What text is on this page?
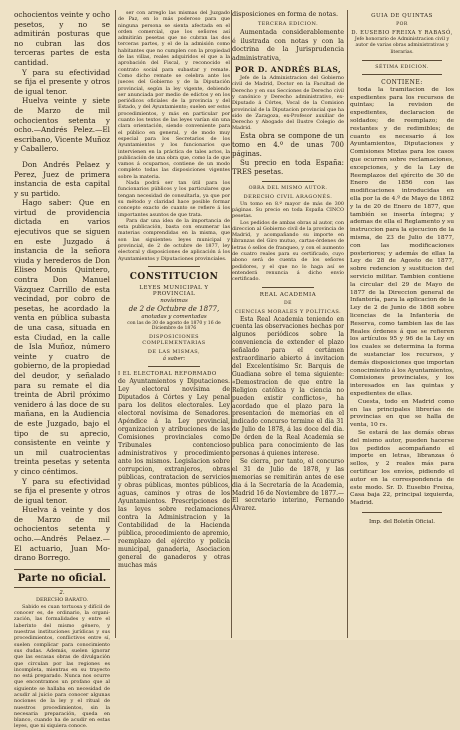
ochocientos veinte y ocho pesetos, y no se admitirán posturas que no cubran las dos terceras partes de esta cantidad.

Y para su efectividad se fija el presente y otros de igual tenor.

Huelva veinte y siete de Marzo de mil ochocientos setenta y ocho.—Andrés Pelez.—El escribano, Vicente Muñoz y Caballero.

Don Andrés Pelaez y Perez, Juez de primera instancia de esta capital y su partido.

Hago saber: Que en virtud de providencia dictada en varios ejecutivos que se siguen en este Juzgado á instancia de la señora viuda y herederos de Don Eliseo Monis Quintero, contra Don Manuel Vázquez Carrillo de esta vecindad, por cobro de pesetas, he acordado la venta en pública subasta de una casa, situada en esta Ciudad, en la calle de Isla Muñoz, número veinte y cuatro de gobierno, de la propiedad del deudor, y señalado para su remate el dia treinta de Abril próximo venidero á las doce de su mañana, en la Audiencia de este Juzgado, bajo el tipo de su aprecio, consistente en veinte y un mil cuatrocientas treinta pesetas y setenta y cinco céntimos.

Y para su efectividad se fija el presente y otros de igual tenor.

Huelva á veinte y dos de Marzo de mil ochocientos setenta y ocho.—Andrés Pelaez.—El actuario, Juan Modrano Borrego.

Parte no oficial.

2.

DERECHO BARATO.

Sabido es cuan tortuosa y difícil de conocer es, de ordinario, la organización, las formalidades y entre el laberinto del mismo género, y nuestras instituciones jurídicas y sus procedimientos, conflictivos entre sí, suelen complicar para conocimiento sus dudas. Además, suelen ignorar que las escasas obras de divulgación que circulan por las regiones es incompleta, mientras en su trayecto no está preparado. Nunca nos ocurre que encontramos un profano que al siguiente se hallaba en necesidad de acudir al juicio para conocer algunas nociones de la ley y el ritual de nuestros procedimientos, sin la necesaria preparación, queda en blanco, cuando ha de acudir en estas leyes, que ni siquiera conoce.

ser con arreglo las mismas del Juzgado de Paz, en lo más poderoso para que ninguna persona se sienta afectada en el orden comercial, que los señores así admitirán pesetas que no cubran las dos terceras partes, y el de la admisión como habitantes que no cumplen con la propiedad de las villas, reales adquiridos el que a la aprobación del Fiscal, y reconocido el contrato social para subastar y remate. Como dicho remate se celebra ante los jueces del Gobierno y de la Diputación provincial, según la ley vigente, debiendo ser anunciada por medio de edictos y en los periódicos oficiales de la provincia y del Estado, y del Ayuntamiento; suelen ser estos procedimientos, y más en particular por cuanto los textos de las leyes varían sin una clara orientación, siendo conveniente para el público en general, y de modo muy especial para los Secretarios de los Ayuntamientos y los funcionarios que intervienen en la práctica de tales actos, la publicación de una obra que, como la de que vamos á ocuparnos, contiene de un modo completo todas las disposiciones vigentes sobre la materia.

Nada podrá ser tan útil para los funcionarios públicos y los particulares que tengan necesidad de consultarla, ya que por su método y claridad hace posible formar concepto exacto de cuanto se refiere á los importantes asuntos de que trata.

Para dar una idea de la importancia de esta publicación, basta con enumerar las materias comprendidas en la misma, que son las siguientes: leyes municipal y provincial, de 2 de octubre de 1877, ley electoral y disposiciones de aplicación á los Ayuntamientos y Diputaciones provinciales.

CONSTITUCION

LEYES MUNICIPAL Y PROVINCIAL

novísimas

de 2 de Octubre de 1877,

anotadas y comentadas

con las de 30 de agosto de 1870 y 16 de Diciembre de 1876

DISPOSICIONES COMPLEMENTARIAS

DE LAS MISMAS,

á saber:

I EL ELECTORAL REFORMADO

de Ayuntamientos y Diputaciones. Ley electoral novísima de Diputados á Córtes y Ley penal para los delitos electorales. Ley electoral novísima de Senadores. Apéndice á la Ley provincial, organizacion y atribuciones de las Comisiones provinciales como Tribunales contencioso administrativos y procedimiento ante los mismos. Legislacion sobre corrupcion, extranjeros, obras públicas, contratacion de servicios y obras públicas, montes públicos, aguas, caminos y otras de los Ayuntamientos. Prescripciones de las leyes sobre reclamaciones contra la Administracion y la Contabilidad de la Hacienda pública, procedimiento de apremio, reemplazo del ejército y policía municipal, ganaderia, Asociacion general de ganaderos y otras muchas más

disposiciones en forma de notas.

TERCERA EDICION.

Aumentada considerablemente é ilustrada con notas y con la doctrina de la Jurisprudencia administrativa,

POR D. ANDRÉS BLAS,

Jefe de la Administracion del Gobierno civil de Madrid, Doctor en la Facultad de Derecho y en sus Secciones de Derecho civil y canónico y Derecho administrativo, ex-Diputado á Córtes, Vocal de la Comision provincial de la Diputacion provincial que ha sido de Zaragoza, ex-Profesor auxiliar de Derecho y Abogado del Ilustre Colegio de Madrid.

Esta obra se compone de un tomo en 4.º de unas 700 páginas.

Su precio en toda España: TRES pesetas.

OBRA DEL MISMO AUTOR.

DERECHO CIVIL ARAGONÉS.

Un tomo en 8.º mayor de más de 300 páginas. Su precio en toda España CINCO pesetas.

Los pedidos de ambas obras al autor, con direccion al Gobierno civil de la provincia de Madrid, y acompañando su importe en libranzas del Giro mutuo, cartas-órdenes de letras ó sellos de franqueo, y con el aumento de cuatro reales para su certificado, cuyo abono será de cuenta de los señores pedidores, y el que no lo haga así se entenderá renuncia á dicho envío certificado.

REAL ACADEMIA

DE

CIENCIAS MORALES Y POLÍTICAS.

Esta Real Academia teniendo en cuenta las observaciones hechas por algunos periódicos sobre la conveniencia de extender el plazo señalado para el certámen extraordinario abierto á invitacion del Excelentísimo Sr. Barquis de Guadiana sobre el tema siguiente: «Demostracion de que entre la Religion católica y la ciencia no pueden existir conflictos», ha acordado que el plazo para la presentacion de memorias en el indicado concurso termine el dia 31 de Julio de 1878, á las doce del dia. De órden de la Real Academia se publica para conocimiento de las personas á quienes interese.

Se cierra, por tanto, el concurso el 31 de Julio de 1878, y las memorias se remitirán antes de ese dia á la Secretaría de la Academia, Madrid 16 de Noviembre de 1877.—El secretario interino, Fernando Álvarez.

GUIA DE QUINTAS

POR

D. EUSEBIO FREIXA Y RABASÓ,

Jefe honorario de Administracion civil y autor de varias obras administrativas y literarias.

SÉTIMA EDICION.

CONTIENE:

toda la tramitacion de los expedientes para los recursos de quintas; la revision de expedientes, declaracion de soldados; de reemplazo; de restantes y de redimibles; de cuanto es necesario á los Ayuntamientos, Diputaciones y Comisiones Mixtas para los casos que ocurren sobre reclamaciones, excepciones, y de la Ley de Reemplazos del ejército de 30 de Enero de 1856 con las modificaciones introducidas en ella por la de 4.º de Mayo de 1862 y la de 20 de Enero de 1877, que también se inserta íntegra; y ademas de ella el Reglamento y su instruccion para la ejecucion de la misma, de 23 de Julio de 1877, con las modificaciones posteriores; y además de ellas la Ley de 28 de Agosto de 1877, sobre redencion y sustitucion del servicio militar. Tambien contiene la circular del 29 de Mayo de 1877 de la Direccion general de Infantería, para la aplicacion de la Ley de 2 de Junio de 1868 sobre licencias de la Infantería de Reserva, como tambien las de las Reales órdenes á que se refieren los artículos 95 y 96 de la Ley en los cuales se determina la forma de sustanciar los recursos, y demás disposiciones que importan conocimiento á los Ayuntamientos, Comisiones provinciales, y los interesados en las quintas y expedientes de ellas.

Cuesta, todo en Madrid como en las principales librerías de provincias en que se halla de venta, 10 rs.

Se estará de las demás obras del mismo autor, pueden hacerse los pedidos acompañando el importe en letras, libranzas ó sellos, y 2 reales más para certificar los envíos, pidiendo el autor en la correspondencia de este modo. Sr. D. Eusebio Freixa, Casa baja 22, principal izquierda, Madrid.

Imp. del Boletín Oficial.
